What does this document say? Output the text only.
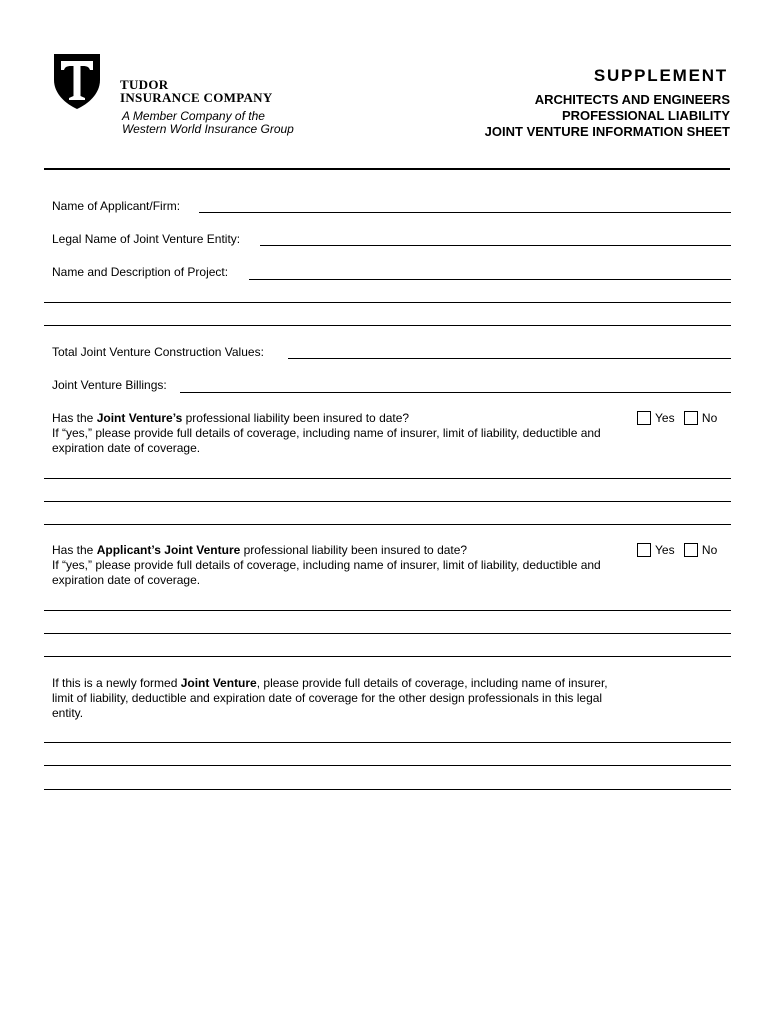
TUDOR
INSURANCE COMPANY
A Member Company of the
Western World Insurance Group
SUPPLEMENT
ARCHITECTS AND ENGINEERS
PROFESSIONAL LIABILITY
JOINT VENTURE INFORMATION SHEET
Name of Applicant/Firm:
Legal Name of Joint Venture Entity:
Name and Description of Project:
Total Joint Venture Construction Values:
Joint Venture Billings:
Has the Joint Venture’s professional liability been insured to date?
If “yes,” please provide full details of coverage, including name of insurer, limit of liability, deductible and expiration date of coverage.
Yes No
Has the Applicant’s Joint Venture professional liability been insured to date?
If “yes,” please provide full details of coverage, including name of insurer, limit of liability, deductible and expiration date of coverage.
Yes No
If this is a newly formed Joint Venture, please provide full details of coverage, including name of insurer, limit of liability, deductible and expiration date of coverage for the other design professionals in this legal entity.
